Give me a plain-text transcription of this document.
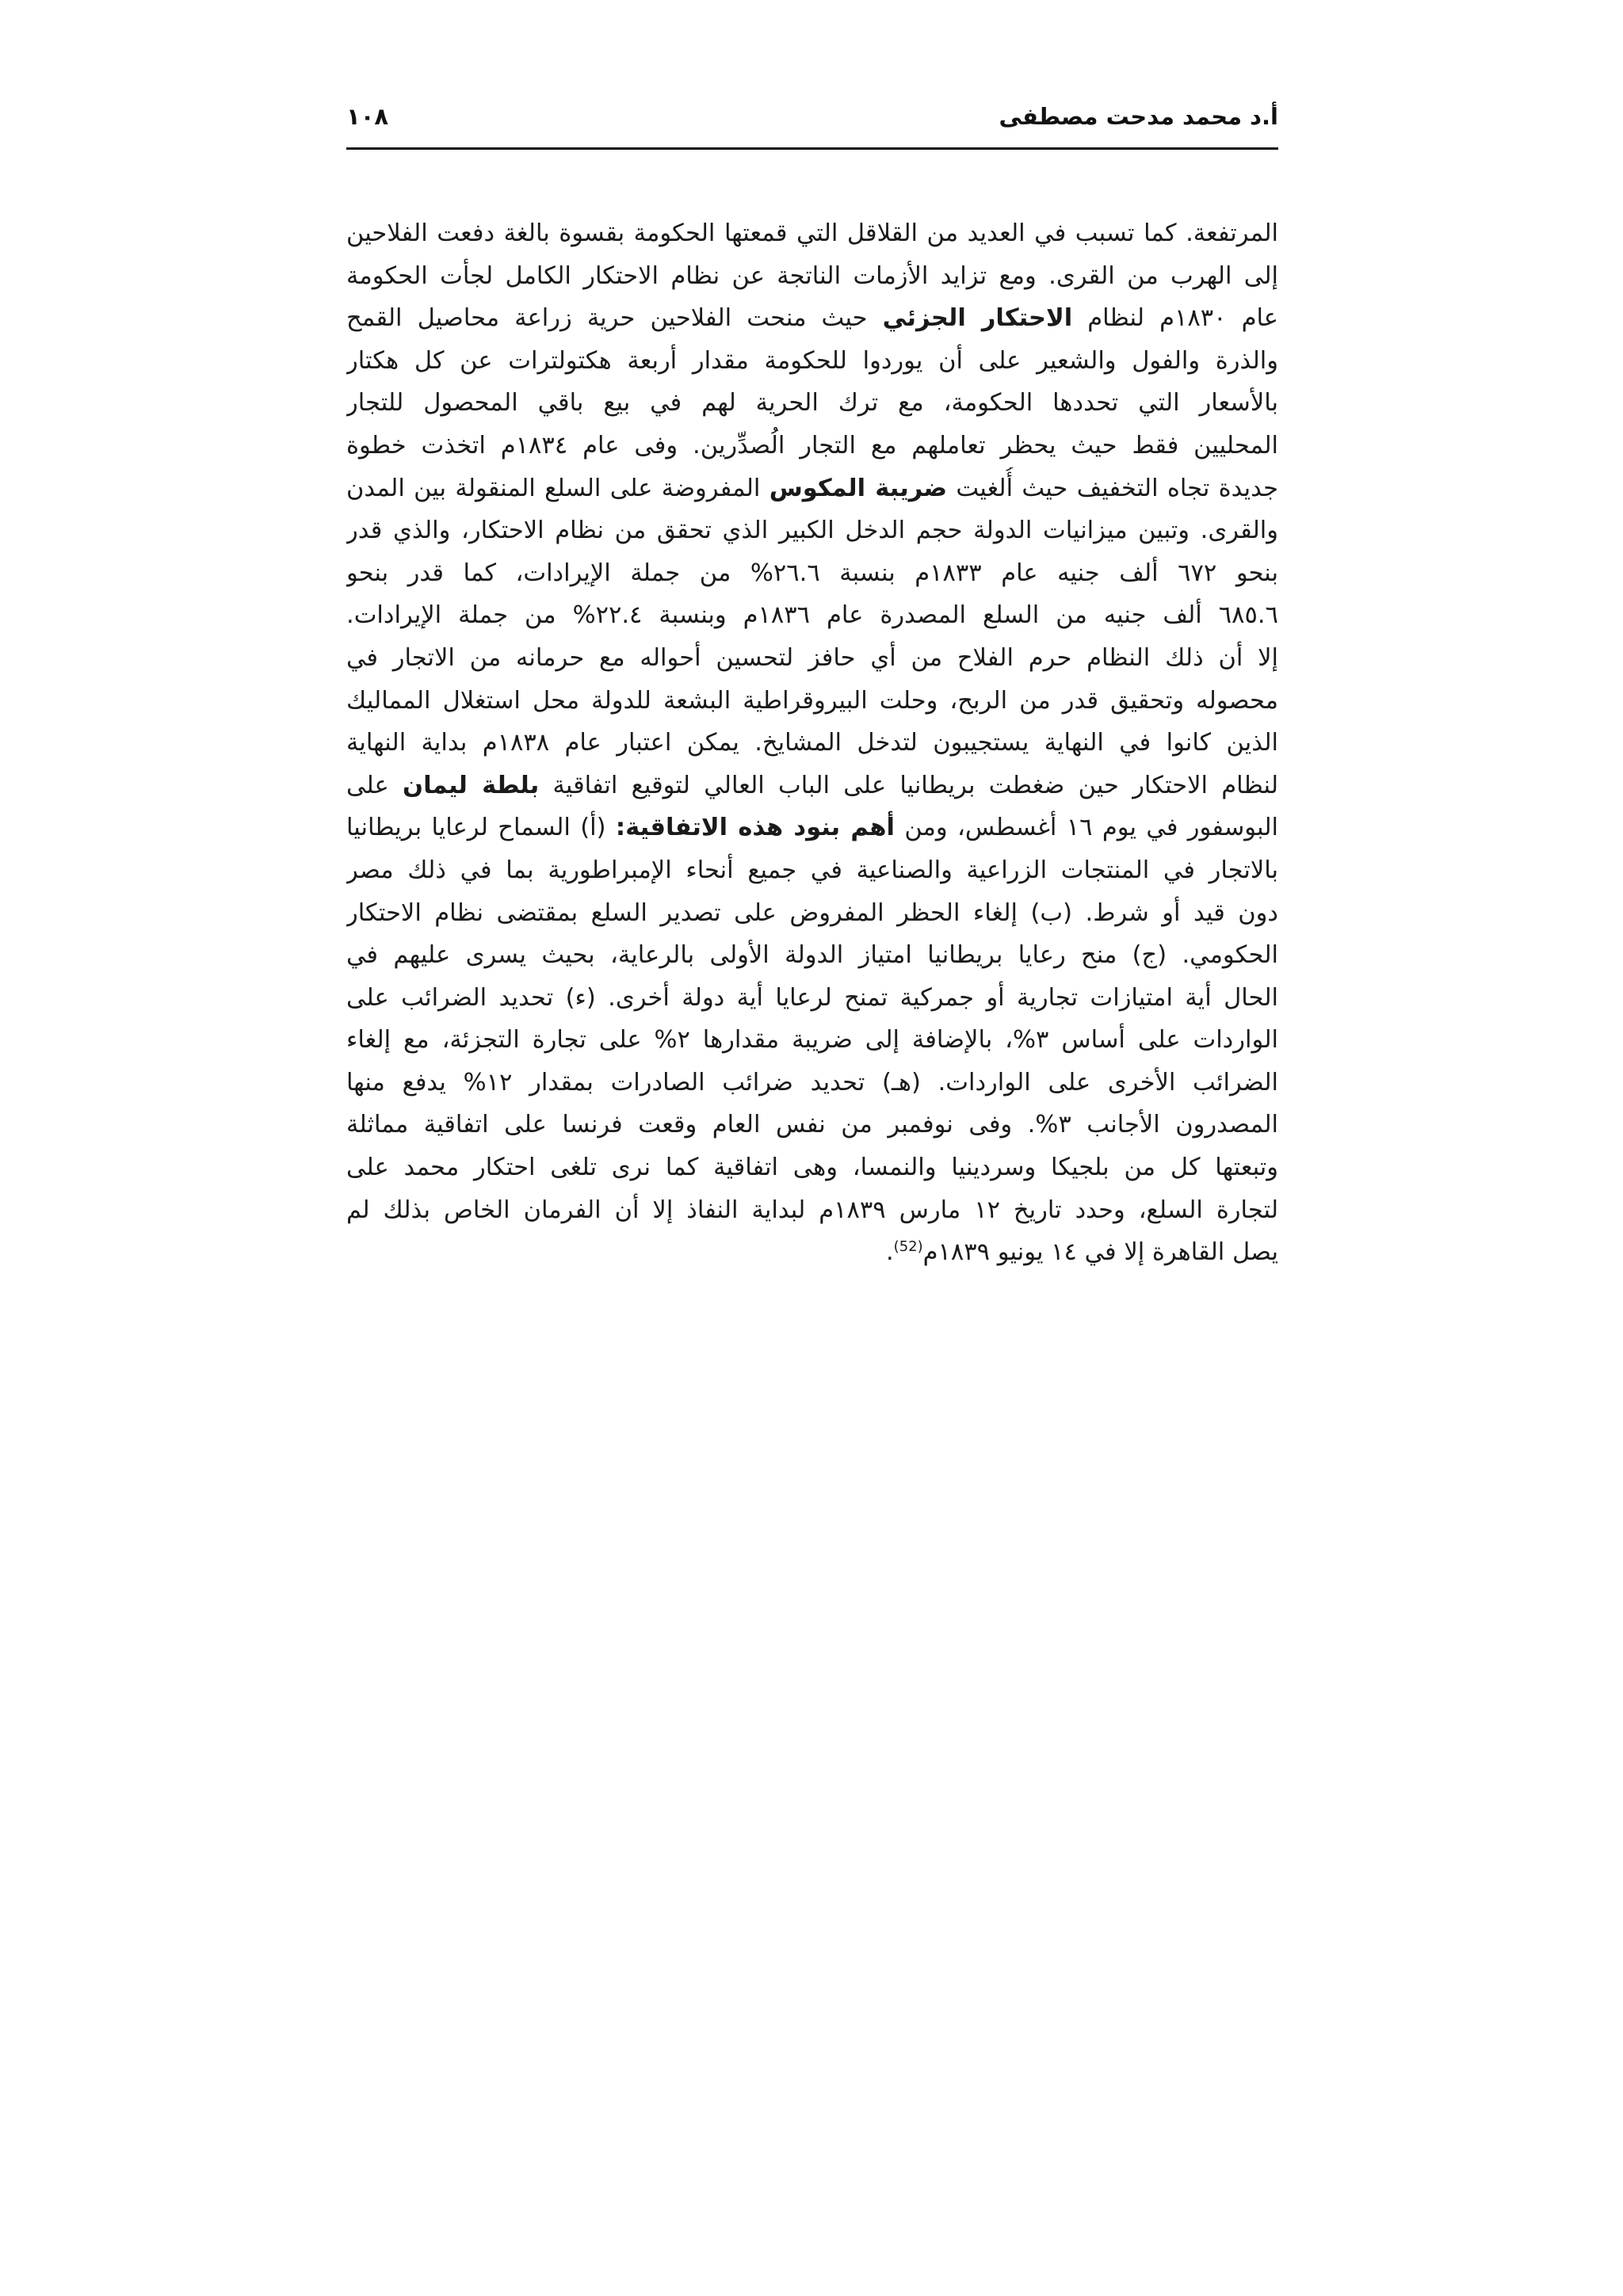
أ.د محمد مدحت مصطفى
١٠٨
المرتفعة. كما تسبب في العديد من القلاقل التي قمعتها الحكومة بقسوة بالغة دفعت الفلاحين
إلى الهرب من القرى. ومع تزايد الأزمات الناتجة عن نظام الاحتكار الكامل لجأت الحكومة
عام ١٨٣٠م لنظام الاحتكار الجزئي حيث منحت الفلاحين حرية زراعة محاصيل القمح
والذرة والفول والشعير على أن يوردوا للحكومة مقدار أربعة هكتولترات عن كل هكتار
بالأسعار التي تحددها الحكومة، مع ترك الحرية لهم في بيع باقي المحصول للتجار
المحليين فقط حيث يحظر تعاملهم مع التجار الُصدِّرين. وفى عام ١٨٣٤م اتخذت خطوة
جديدة تجاه التخفيف حيث أُلغيت ضريبة المكوس المفروضة على السلع المنقولة بين المدن
والقرى. وتبين ميزانيات الدولة حجم الدخل الكبير الذي تحقق من نظام الاحتكار، والذي قدر
بنحو ٦٧٢ ألف جنيه عام ١٨٣٣م بنسبة ٢٦.٦% من جملة الإيرادات، كما قدر بنحو
٦٨٥.٦ ألف جنيه من السلع المصدرة عام ١٨٣٦م وبنسبة ٢٢.٤% من جملة الإيرادات.
إلا أن ذلك النظام حرم الفلاح من أي حافز لتحسين أحواله مع حرمانه من الاتجار في
محصوله وتحقيق قدر من الربح، وحلت البيروقراطية البشعة للدولة محل استغلال المماليك
الذين كانوا في النهاية يستجيبون لتدخل المشايخ. يمكن اعتبار عام ١٨٣٨م بداية النهاية
لنظام الاحتكار حين ضغطت بريطانيا على الباب العالي لتوقيع اتفاقية بلطة ليمان على
البوسفور في يوم ١٦ أغسطس، ومن أهم بنود هذه الاتفاقية: (أ) السماح لرعايا بريطانيا
بالاتجار في المنتجات الزراعية والصناعية في جميع أنحاء الإمبراطورية بما في ذلك مصر
دون قيد أو شرط. (ب) إلغاء الحظر المفروض على تصدير السلع بمقتضى نظام الاحتكار
الحكومي. (ج) منح رعايا بريطانيا امتياز الدولة الأولى بالرعاية، بحيث يسرى عليهم في
الحال أية امتيازات تجارية أو جمركية تمنح لرعايا أية دولة أخرى. (ء) تحديد الضرائب على
الواردات على أساس ٣%، بالإضافة إلى ضريبة مقدارها ٢% على تجارة التجزئة، مع إلغاء
الضرائب الأخرى على الواردات. (هـ) تحديد ضرائب الصادرات بمقدار ١٢% يدفع منها
المصدرون الأجانب ٣%. وفى نوفمبر من نفس العام وقعت فرنسا على اتفاقية مماثلة
وتبعتها كل من بلجيكا وسردينيا والنمسا، وهى اتفاقية كما نرى تلغى احتكار محمد على
لتجارة السلع، وحدد تاريخ ١٢ مارس ١٨٣٩م لبداية النفاذ إلا أن الفرمان الخاص بذلك لم
يصل القاهرة إلا في ١٤ يونيو ١٨٣٩م$^{(52)}$.
